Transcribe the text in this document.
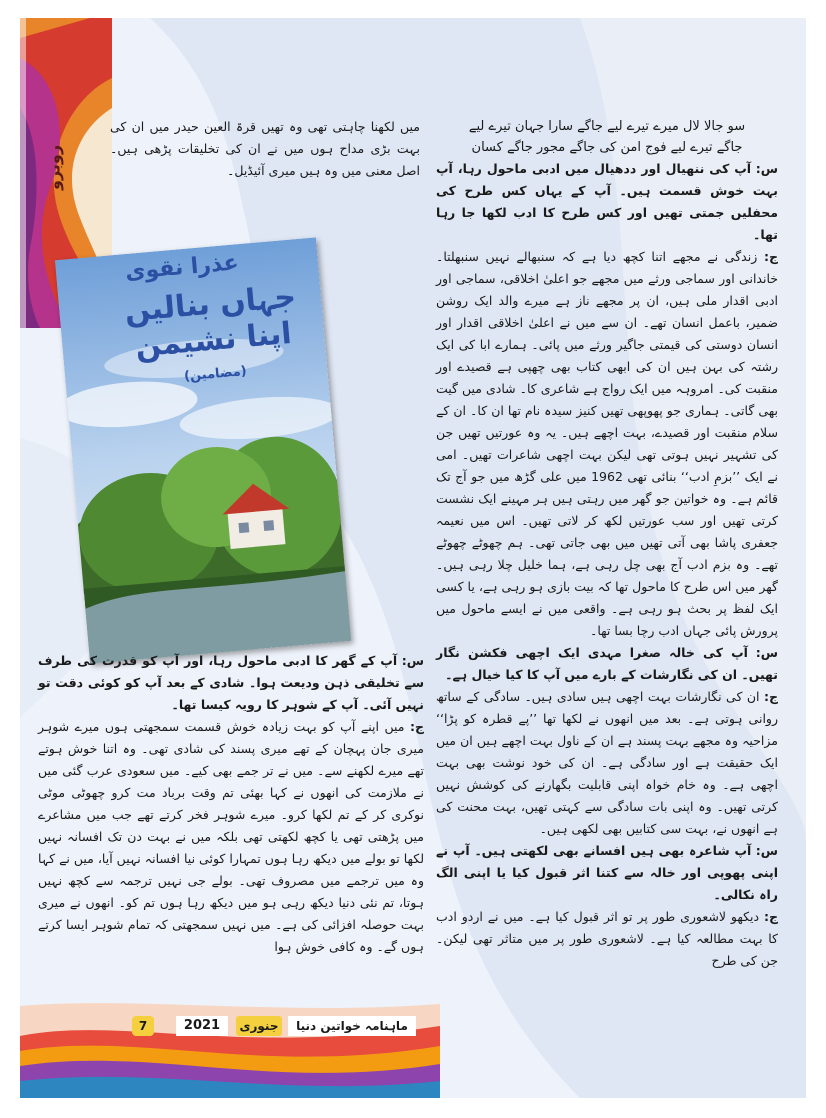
روبرو
عذرا نقوی
جہاں بنالیں اپنا نشیمن
(مضامین)

میں لکھنا چاہتی تھی وہ تھیں قرۃ العین حیدر میں ان کی بہت بڑی مداح ہوں میں نے ان کی تخلیقات پڑھی ہیں۔ اصل معنی میں وہ ہیں میری آئیڈیل۔

س: آپ کے گھر کا ادبی ماحول رہا، اور آپ کو قدرت کی طرف سے تخلیقی ذہن ودیعت ہوا۔ شادی کے بعد آپ کو کوئی دقت تو نہیں آئی۔ آپ کے شوہر کا رویہ کیسا تھا۔

ج: میں اپنے آپ کو بہت زیادہ خوش قسمت سمجھتی ہوں میرے شوہر میری جان پہچان کے تھے میری پسند کی شادی تھی۔ وہ اتنا خوش ہوتے تھے میرے لکھنے سے۔ میں نے تر جمے بھی کیے۔ میں سعودی عرب گئی میں نے ملازمت کی انھوں نے کہا بھئی تم وقت برباد مت کرو چھوٹی موٹی نوکری کر کے تم لکھا کرو۔ میرے شوہر فخر کرتے تھے جب میں مشاعرے میں پڑھتی تھی یا کچھ لکھتی تھی بلکہ میں نے بہت دن تک افسانہ نہیں لکھا تو بولے میں دیکھ رہا ہوں تمہارا کوئی نیا افسانہ نہیں آیا، میں نے کہا وہ میں ترجمے میں مصروف تھی۔ بولے جی نہیں ترجمہ سے کچھ نہیں ہوتا، تم نئی دنیا دیکھ رہی ہو میں دیکھ رہا ہوں تم کو۔ انھوں نے میری بہت حوصلہ افزائی کی ہے۔ میں نہیں سمجھتی کہ تمام شوہر ایسا کرتے ہوں گے۔ وہ کافی خوش ہوا

سو جالا لال میرے تیرے لیے جاگے سارا جہان تیرے لیے

جاگے تیرے لیے فوج امن کی جاگے مجور جاگے کسان

س: آپ کی ننھیال اور ددھیال میں ادبی ماحول رہا، آپ بہت خوش قسمت ہیں۔ آپ کے یہاں کس طرح کی محفلیں جمتی تھیں اور کس طرح کا ادب لکھا جا رہا تھا۔

ج: زندگی نے مجھے اتنا کچھ دیا ہے کہ سنبھالے نہیں سنبھلتا۔ خاندانی اور سماجی ورثے میں مجھے جو اعلیٰ اخلاقی، سماجی اور ادبی اقدار ملی ہیں، ان پر مجھے ناز ہے میرے والد ایک روشن ضمیر، باعمل انسان تھے۔ ان سے میں نے اعلیٰ اخلاقی اقدار اور انسان دوستی کی قیمتی جاگیر ورثے میں پائی۔ ہمارے ابا کی ایک رشتہ کی بہن ہیں ان کی ابھی کتاب بھی چھپی ہے قصیدے اور منقبت کی۔ امروہہ میں ایک رواج ہے شاعری کا۔ شادی میں گیت بھی گاتی۔ ہماری جو پھوپھی تھیں کنیز سیدہ نام تھا ان کا۔ ان کے سلام منقبت اور قصیدے، بہت اچھے ہیں۔ یہ وہ عورتیں تھیں جن کی تشہیر نہیں ہوتی تھی لیکن بہت اچھی شاعرات تھیں۔ امی نے ایک ’’بزمِ ادب‘‘ بنائی تھی 1962 میں علی گڑھ میں جو آج تک قائم ہے۔ وہ خواتین جو گھر میں رہتی ہیں ہر مہینے ایک نشست کرتی تھیں اور سب عورتیں لکھ کر لاتی تھیں۔ اس میں نعیمہ جعفری پاشا بھی آتی تھیں میں بھی جاتی تھی۔ ہم چھوٹے چھوٹے تھے۔ وہ بزم ادب آج بھی چل رہی ہے، ہما خلیل چلا رہی ہیں۔ گھر میں اس طرح کا ماحول تھا کہ بیت بازی ہو رہی ہے، یا کسی ایک لفظ پر بحث ہو رہی ہے۔ واقعی میں نے ایسے ماحول میں پرورش پائی جہاں ادب رچا بسا تھا۔

س: آپ کی خالہ صغرا مہدی ایک اچھی فکشن نگار تھیں۔ ان کی نگارشات کے بارے میں آپ کا کیا خیال ہے۔

ج: ان کی نگارشات بہت اچھی ہیں سادی ہیں۔ سادگی کے ساتھ روانی ہوتی ہے۔ بعد میں انھوں نے لکھا تھا ’’پے قطرہ کو پڑا‘‘ مزاحیہ وہ مجھے بہت پسند ہے ان کے ناول بہت اچھے ہیں ان میں ایک حقیقت ہے اور سادگی ہے۔ ان کی خود نوشت بھی بہت اچھی ہے۔ وہ خام خواہ اپنی قابلیت بگھارنے کی کوشش نہیں کرتی تھیں۔ وہ اپنی بات سادگی سے کہتی تھیں، بہت محنت کی ہے انھوں نے، بہت سی کتابیں بھی لکھی ہیں۔

س: آپ شاعرہ بھی ہیں افسانے بھی لکھتی ہیں۔ آپ نے اپنی پھوپی اور خالہ سے کتنا اثر قبول کیا یا اپنی الگ راہ نکالی۔

ج: دیکھو لاشعوری طور پر تو اثر قبول کیا ہے۔ میں نے اردو ادب کا بہت مطالعہ کیا ہے۔ لاشعوری طور پر میں متاثر تھی لیکن۔ جن کی طرح

7	2021	جنوری	ماہنامہ خواتین دنیا
